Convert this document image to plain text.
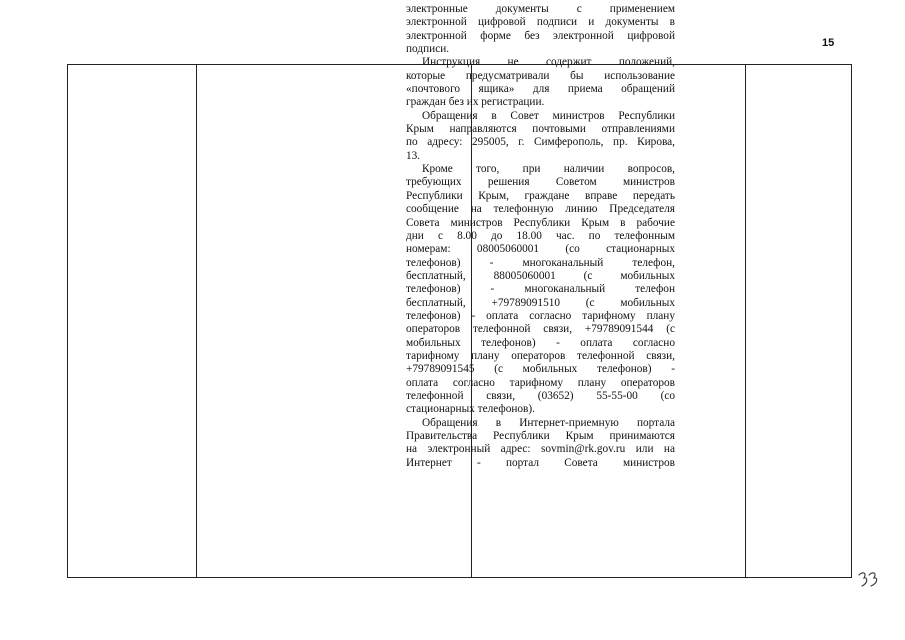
15
электронные документы с применением
электронной цифровой подписи и документы в
электронной форме без электронной цифровой
подписи.
Инструкция не содержит положений,
которые предусматривали бы использование
«почтового ящика» для приема обращений
граждан без их регистрации.
Обращения в Совет министров Республики
Крым направляются почтовыми отправлениями
по адресу: 295005, г. Симферополь, пр. Кирова,
13.
Кроме того, при наличии вопросов,
требующих решения Советом министров
Республики Крым, граждане вправе передать
сообщение на телефонную линию Председателя
Совета министров Республики Крым в рабочие
дни с 8.00 до 18.00 час. по телефонным
номерам: 08005060001 (со стационарных
телефонов) - многоканальный телефон,
бесплатный, 88005060001 (с мобильных
телефонов) - многоканальный телефон
бесплатный, +79789091510 (с мобильных
телефонов) - оплата согласно тарифному плану
операторов телефонной связи, +79789091544 (с
мобильных телефонов) - оплата согласно
тарифному плану операторов телефонной связи,
+79789091545 (с мобильных телефонов) -
оплата согласно тарифному плану операторов
телефонной связи, (03652) 55-55-00 (со
стационарных телефонов).
Обращения в Интернет-приемную портала
Правительства Республики Крым принимаются
на электронный адрес: sovmin@rk.gov.ru или на
Интернет - портал Совета министров
